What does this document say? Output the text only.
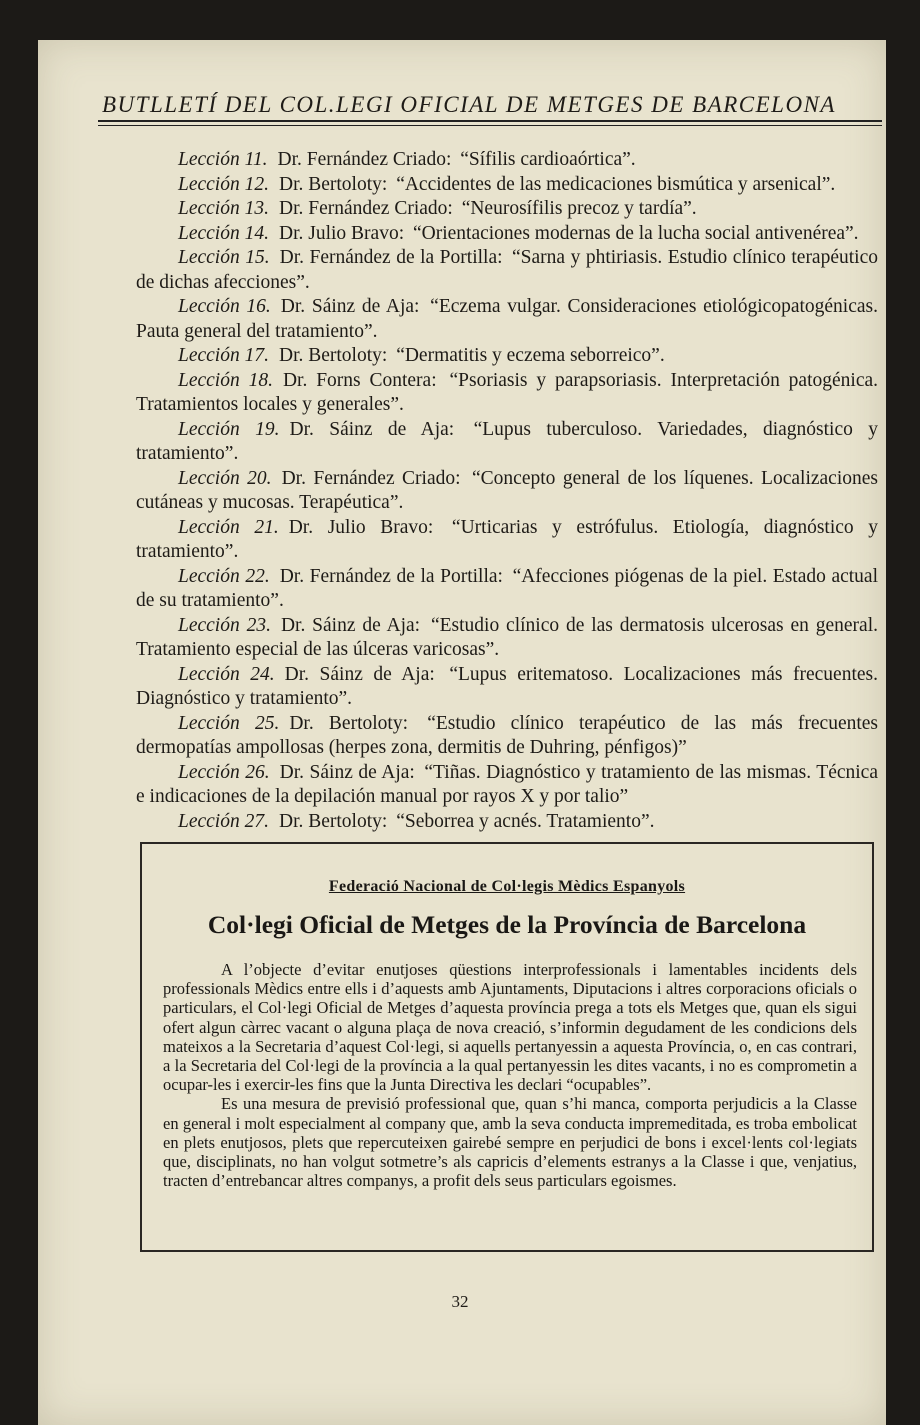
BUTLLETÍ DEL COL.LEGI OFICIAL DE METGES DE BARCELONA

Lección 11. Dr. Fernández Criado: “Sífilis cardioaórtica”.

Lección 12. Dr. Bertoloty: “Accidentes de las medicaciones bismútica y arsenical”.

Lección 13. Dr. Fernández Criado: “Neurosífilis precoz y tardía”.

Lección 14. Dr. Julio Bravo: “Orientaciones modernas de la lucha social antivenérea”.

Lección 15. Dr. Fernández de la Portilla: “Sarna y phtiriasis. Estudio clínico terapéutico de dichas afecciones”.

Lección 16. Dr. Sáinz de Aja: “Eczema vulgar. Consideraciones etiológicopatogénicas. Pauta general del tratamiento”.

Lección 17. Dr. Bertoloty: “Dermatitis y eczema seborreico”.

Lección 18. Dr. Forns Contera: “Psoriasis y parapsoriasis. Interpretación patogénica. Tratamientos locales y generales”.

Lección 19. Dr. Sáinz de Aja: “Lupus tuberculoso. Variedades, diagnóstico y tratamiento”.

Lección 20. Dr. Fernández Criado: “Concepto general de los líquenes. Localizaciones cutáneas y mucosas. Terapéutica”.

Lección 21. Dr. Julio Bravo: “Urticarias y estrófulus. Etiología, diagnóstico y tratamiento”.

Lección 22. Dr. Fernández de la Portilla: “Afecciones piógenas de la piel. Estado actual de su tratamiento”.

Lección 23. Dr. Sáinz de Aja: “Estudio clínico de las dermatosis ulcerosas en general. Tratamiento especial de las úlceras varicosas”.

Lección 24. Dr. Sáinz de Aja: “Lupus eritematoso. Localizaciones más frecuentes. Diagnóstico y tratamiento”.

Lección 25. Dr. Bertoloty: “Estudio clínico terapéutico de las más frecuentes dermopatías ampollosas (herpes zona, dermitis de Duhring, pénfigos)”

Lección 26. Dr. Sáinz de Aja: “Tiñas. Diagnóstico y tratamiento de las mismas. Técnica e indicaciones de la depilación manual por rayos X y por talio”

Lección 27. Dr. Bertoloty: “Seborrea y acnés. Tratamiento”.

Federació Nacional de Col·legis Mèdics Espanyols
Col·legi Oficial de Metges de la Província de Barcelona

A l’objecte d’evitar enutjoses qüestions interprofessionals i lamentables incidents dels professionals Mèdics entre ells i d’aquests amb Ajuntaments, Diputacions i altres corporacions oficials o particulars, el Col·legi Oficial de Metges d’aquesta província prega a tots els Metges que, quan els sigui ofert algun càrrec vacant o alguna plaça de nova creació, s’informin degudament de les condicions dels mateixos a la Secretaria d’aquest Col·legi, si aquells pertanyessin a aquesta Província, o, en cas contrari, a la Secretaria del Col·legi de la província a la qual pertanyessin les dites vacants, i no es comprometin a ocupar-les i exercir-les fins que la Junta Directiva les declari “ocupables”.

Es una mesura de previsió professional que, quan s’hi manca, comporta perjudicis a la Classe en general i molt especialment al company que, amb la seva conducta impremeditada, es troba embolicat en plets enutjosos, plets que repercuteixen gairebé sempre en perjudici de bons i excel·lents col·legiats que, disciplinats, no han volgut sotmetre’s als capricis d’elements estranys a la Classe i que, venjatius, tracten d’entrebancar altres companys, a profit dels seus particulars egoismes.

32
